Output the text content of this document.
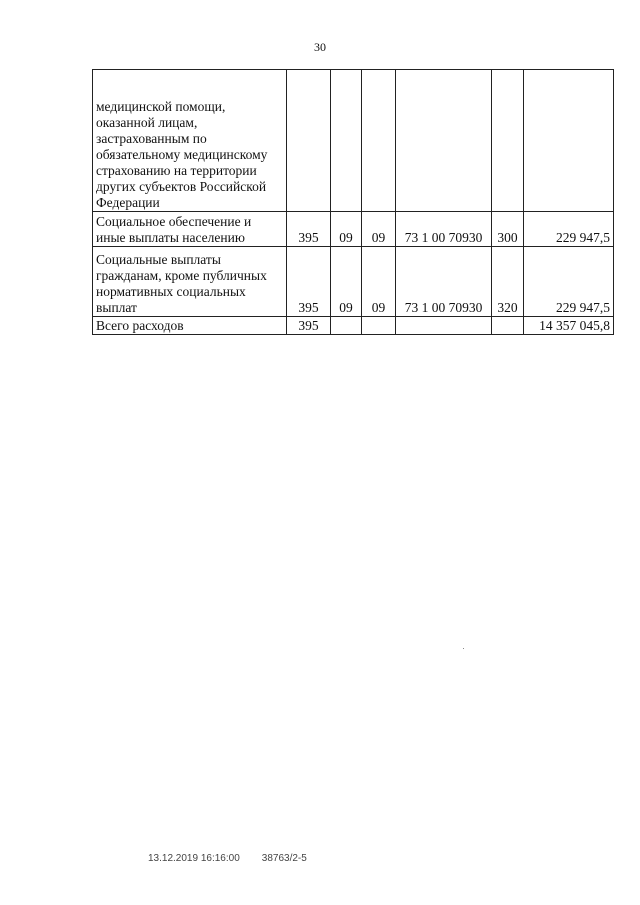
30
медицинской помощи, оказанной лицам, застрахованным по обязательному медицинскому страхованию на территории других субъектов Российской Федерации						
Социальное обеспечение и иные выплаты населению	395	09	09	73 1 00 70930	300	229 947,5
Социальные выплаты гражданам, кроме публичных нормативных социальных выплат	395	09	09	73 1 00 70930	320	229 947,5
Всего расходов	395					14 357 045,8
13.12.2019 16:16:00 38763/2-5
